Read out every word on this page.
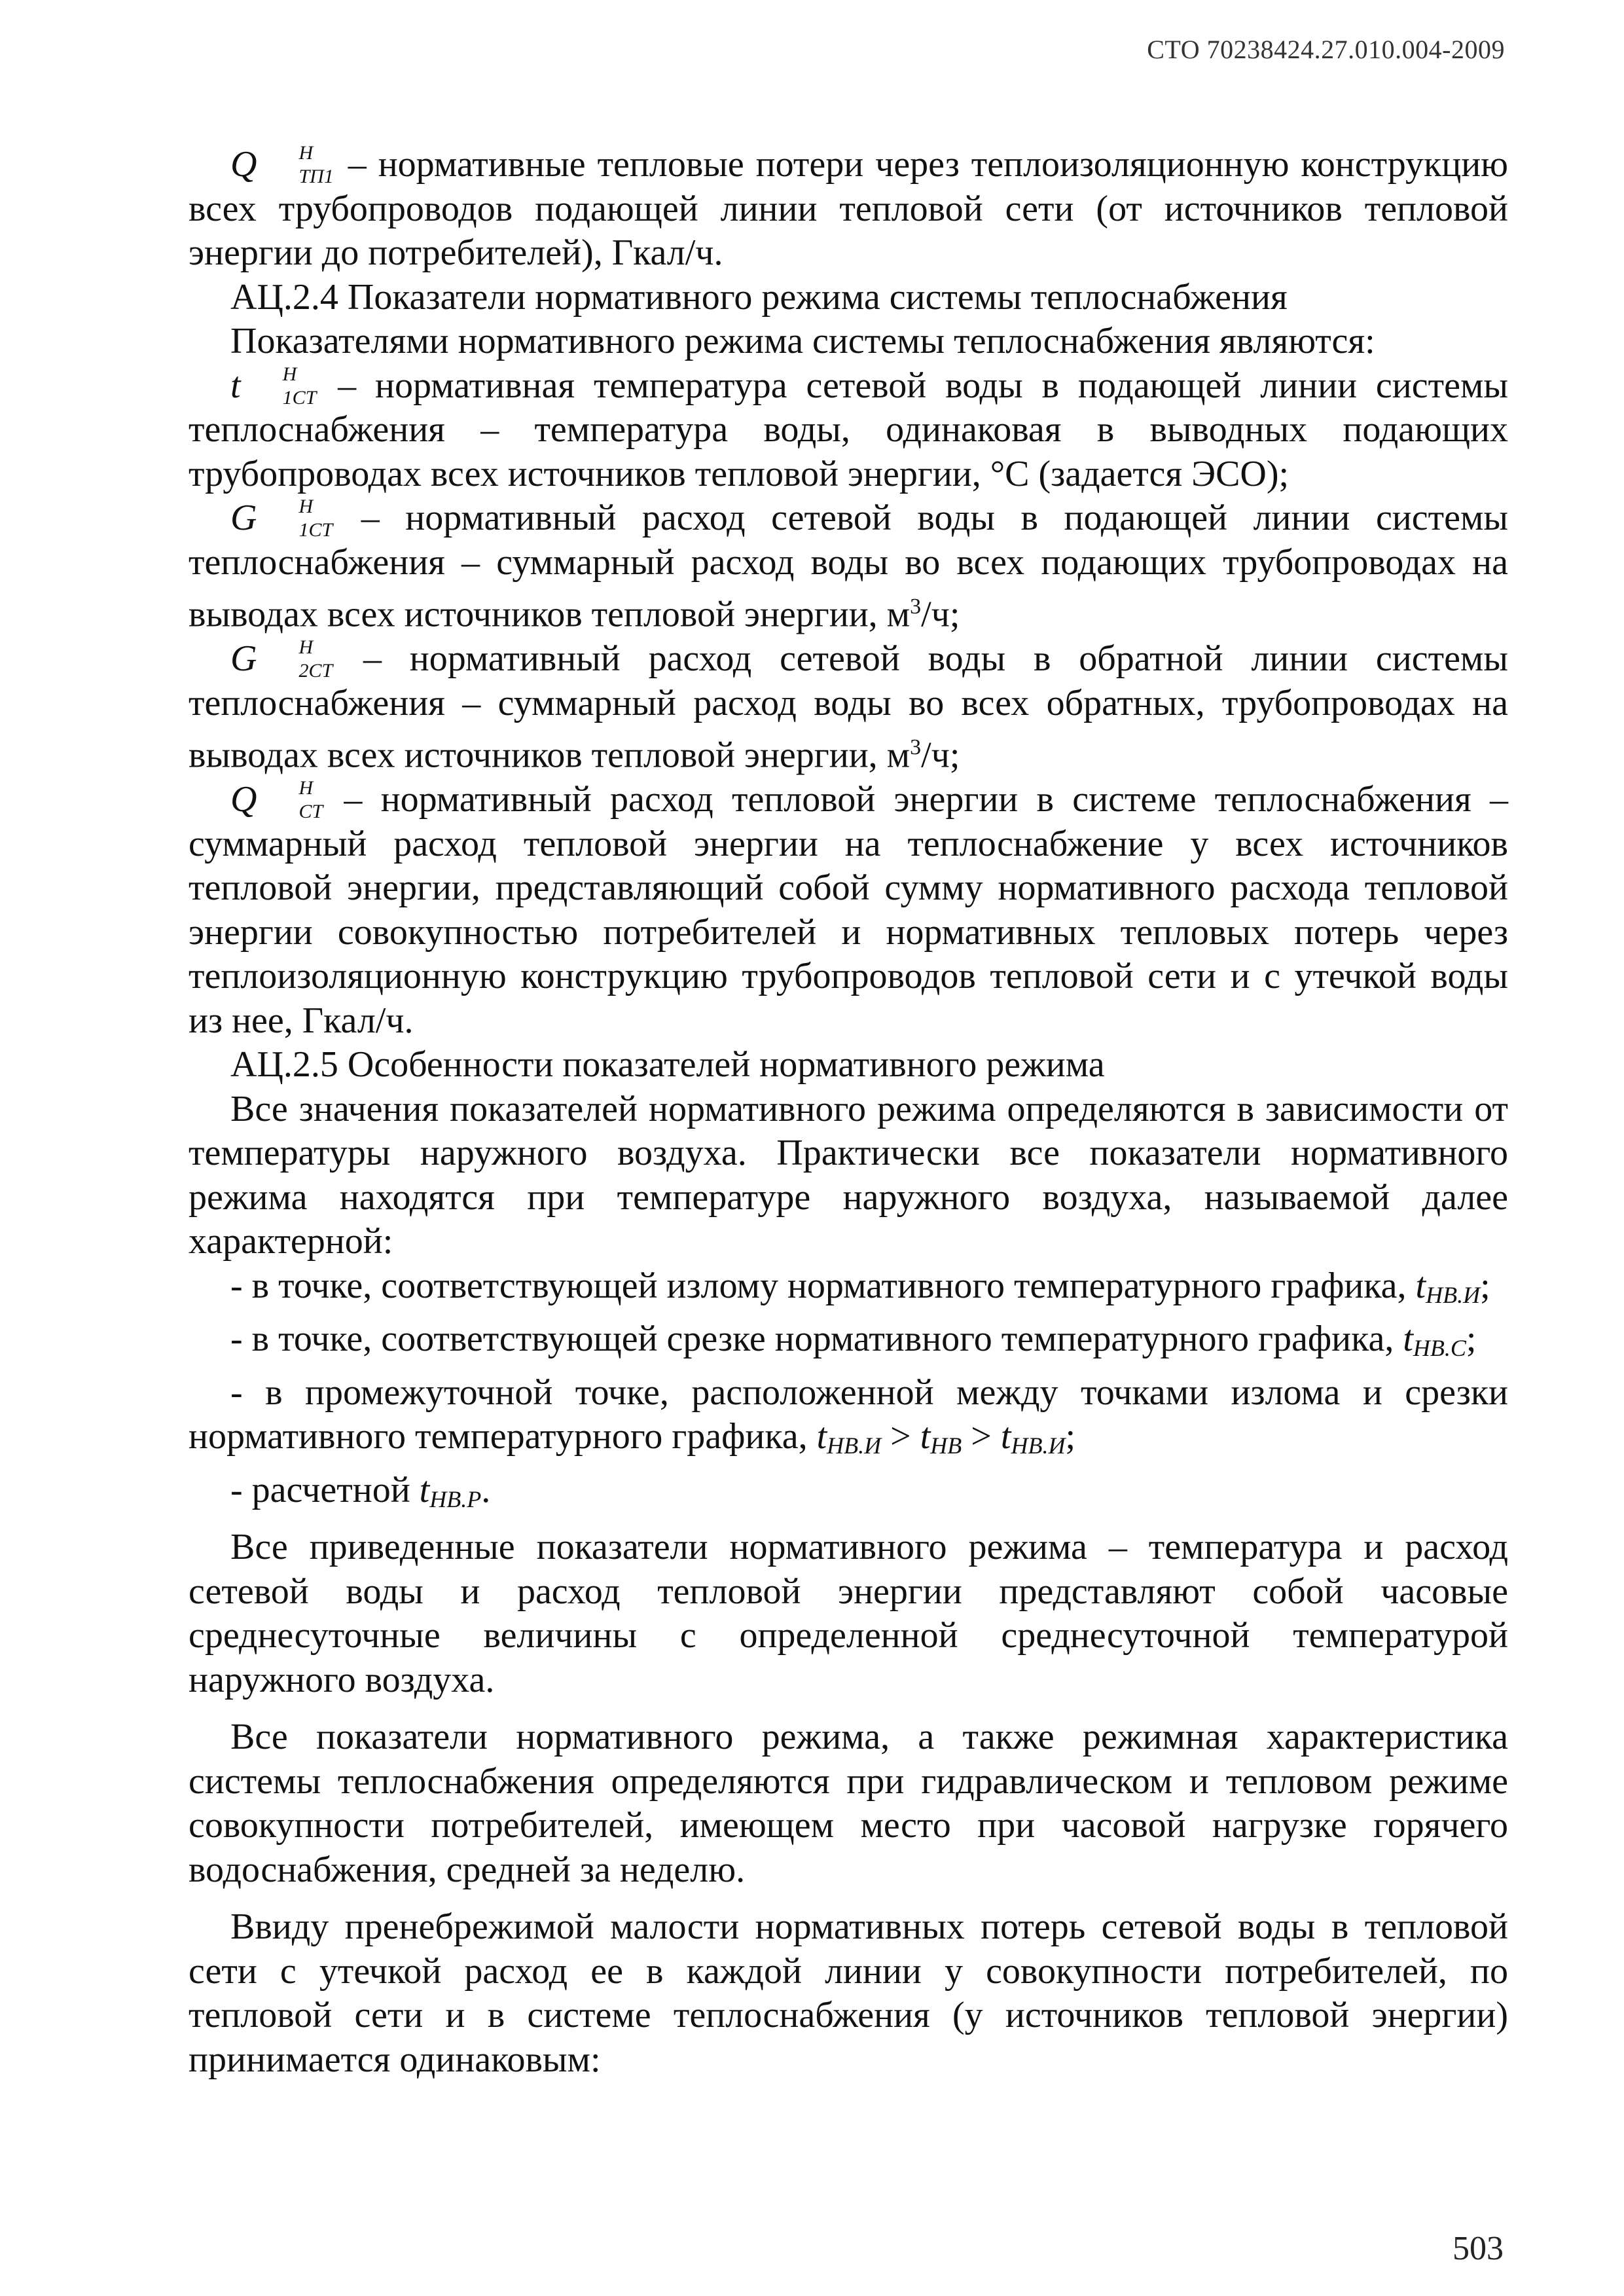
СТО 70238424.27.010.004-2009

Q	Н
ТП1 – нормативные тепловые потери через теплоизоляционную конструкцию всех трубопроводов подающей линии тепловой сети (от источников тепловой энергии до потребителей), Гкал/ч.

АЦ.2.4 Показатели нормативного режима системы теплоснабжения

Показателями нормативного режима системы теплоснабжения являются:

t	Н
1СТ – нормативная температура сетевой воды в подающей линии системы теплоснабжения – температура воды, одинаковая в выводных подающих трубопроводах всех источников тепловой энергии, °С (задается ЭСО);

G	Н
1СТ – нормативный расход сетевой воды в подающей линии системы теплоснабжения – суммарный расход воды во всех подающих трубопроводах на выводах всех источников тепловой энергии, $м^3/ч$;

G	Н
2СТ – нормативный расход сетевой воды в обратной линии системы теплоснабжения – суммарный расход воды во всех обратных, трубопроводах на выводах всех источников тепловой энергии, $м^3/ч$;

Q	Н
СТ – нормативный расход тепловой энергии в системе теплоснабжения – суммарный расход тепловой энергии на теплоснабжение у всех источников тепловой энергии, представляющий собой сумму нормативного расхода тепловой энергии совокупностью потребителей и нормативных тепловых потерь через теплоизоляционную конструкцию трубопроводов тепловой сети и с утечкой воды из нее, Гкал/ч.

АЦ.2.5 Особенности показателей нормативного режима

Все значения показателей нормативного режима определяются в зависимости от температуры наружного воздуха. Практически все показатели нормативного режима находятся при температуре наружного воздуха, называемой далее характерной:

- в точке, соответствующей излому нормативного температурного графика, $t_{НВ.И}$;

- в точке, соответствующей срезке нормативного температурного графика, $t_{НВ.С}$;

- в промежуточной точке, расположенной между точками излома и срезки нормативного температурного графика, $t_{НВ.И} > t_{НВ} > t_{НВ.И}$;

- расчетной $t_{НВ.Р}$.

Все приведенные показатели нормативного режима – температура и расход сетевой воды и расход тепловой энергии представляют собой часовые среднесуточные величины с определенной среднесуточной температурой наружного воздуха.

Все показатели нормативного режима, а также режимная характеристика системы теплоснабжения определяются при гидравлическом и тепловом режиме совокупности потребителей, имеющем место при часовой нагрузке горячего водоснабжения, средней за неделю.

Ввиду пренебрежимой малости нормативных потерь сетевой воды в тепловой сети с утечкой расход ее в каждой линии у совокупности потребителей, по тепловой сети и в системе теплоснабжения (у источников тепловой энергии) принимается одинаковым:

503
